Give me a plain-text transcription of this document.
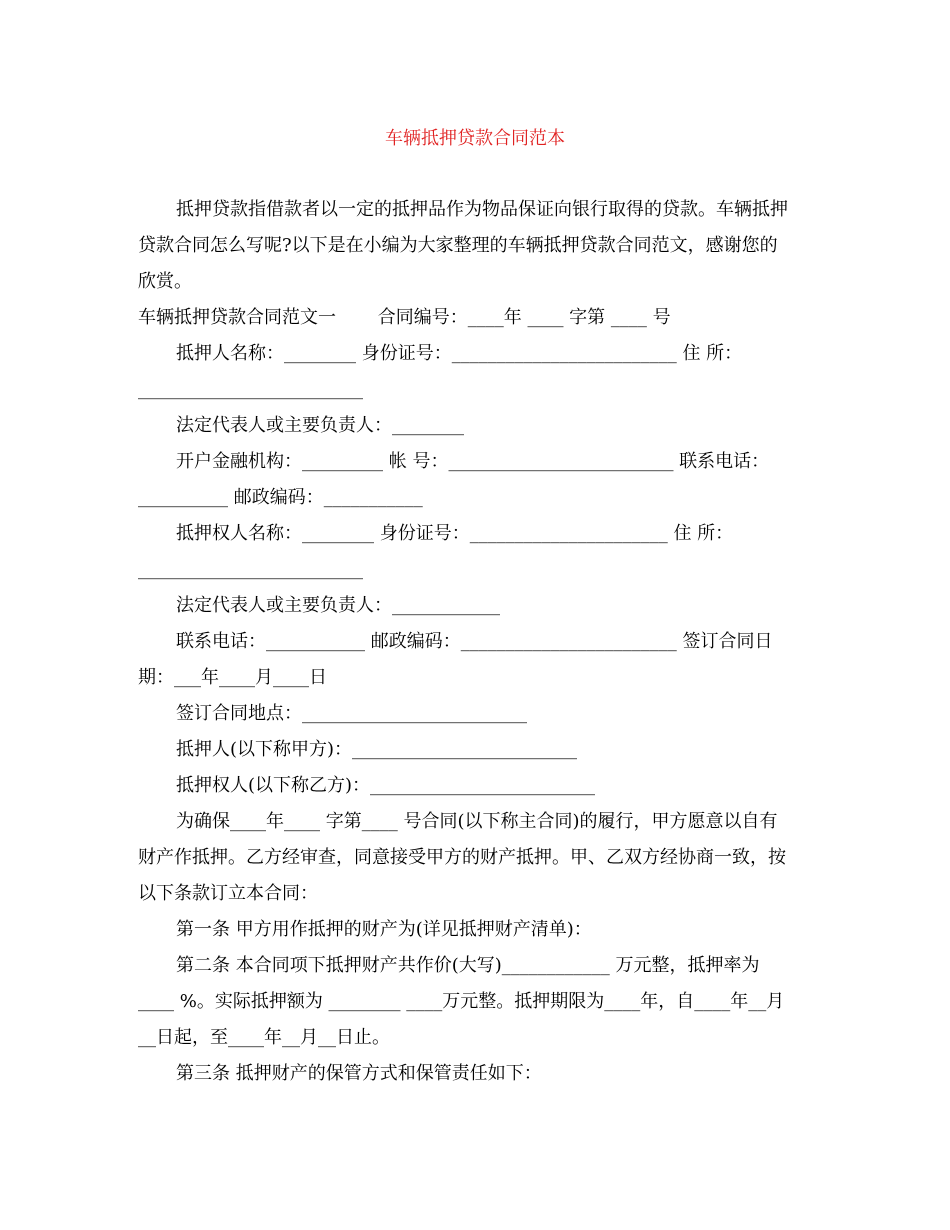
车辆抵押贷款合同范本
抵押贷款指借款者以一定的抵押品作为物品保证向银行取得的贷款。车辆抵押
贷款合同怎么写呢?以下是在小编为大家整理的车辆抵押贷款合同范文，感谢您的
欣赏。
车辆抵押贷款合同范文一 　　合同编号：____年 ____ 字第 ____ 号
抵押人名称：________ 身份证号：_________________________ 住 所：
_________________________
法定代表人或主要负责人：________
开户金融机构：_________ 帐 号：_________________________ 联系电话：
__________ 邮政编码：___________
抵押权人名称：________ 身份证号：______________________ 住 所：
_________________________
法定代表人或主要负责人：____________
联系电话：___________ 邮政编码：________________________ 签订合同日
期：___年____月____日
签订合同地点：_________________________
抵押人(以下称甲方)：_________________________
抵押权人(以下称乙方)：_________________________
为确保____年____ 字第____ 号合同(以下称主合同)的履行，甲方愿意以自有
财产作抵押。乙方经审查，同意接受甲方的财产抵押。甲、乙双方经协商一致，按
以下条款订立本合同：
第一条 甲方用作抵押的财产为(详见抵押财产清单)：
第二条 本合同项下抵押财产共作价(大写)____________ 万元整，抵押率为
____ %。实际抵押额为 ________ ____万元整。抵押期限为____年，自____年__月
__日起，至____年__月__日止。
第三条 抵押财产的保管方式和保管责任如下：
